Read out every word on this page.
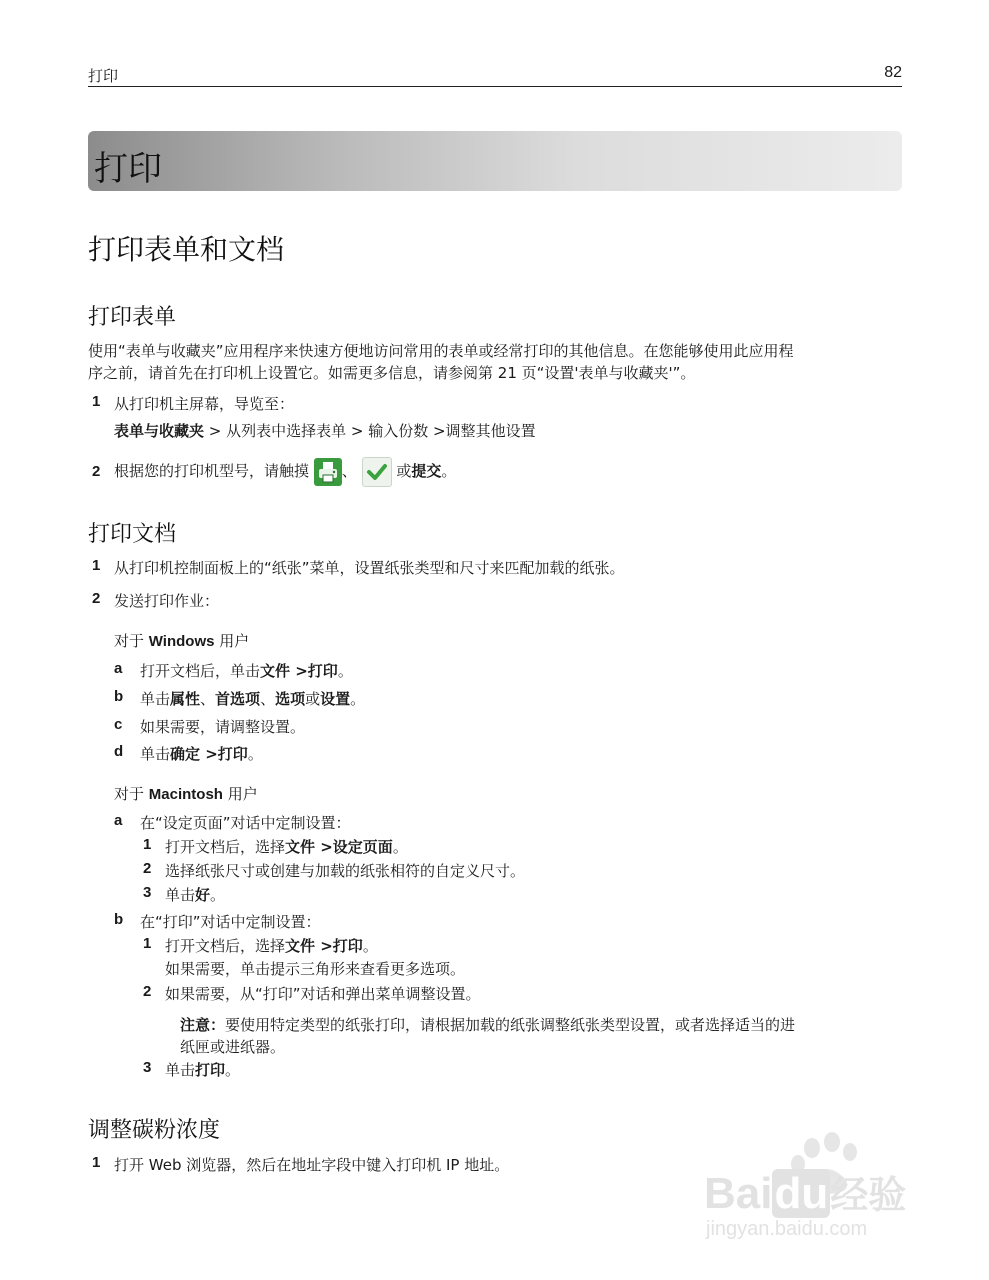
打印	82
打印
打印表单和文档
打印表单
使用“表单与收藏夹”应用程序来快速方便地访问常用的表单或经常打印的其他信息。在您能够使用此应用程
序之前，请首先在打印机上设置它。如需更多信息，请参阅第 21 页“设置'表单与收藏夹'”。
1 从打印机主屏幕，导览至：
表单与收藏夹 > 从列表中选择表单 > 输入份数 >调整其他设置
2 根据您的打印机型号，请触摸 、  或提交。
打印文档
1 从打印机控制面板上的“纸张”菜单，设置纸张类型和尺寸来匹配加载的纸张。
2 发送打印作业：
对于 Windows 用户
a 打开文档后，单击文件 >打印。
b 单击属性、首选项、选项或设置。
c 如果需要，请调整设置。
d 单击确定 >打印。
对于 Macintosh 用户
a 在“设定页面”对话中定制设置：
1 打开文档后，选择文件 >设定页面。
2 选择纸张尺寸或创建与加载的纸张相符的自定义尺寸。
3 单击好。
b 在“打印”对话中定制设置：
1 打开文档后，选择文件 >打印。
如果需要，单击提示三角形来查看更多选项。
2 如果需要，从“打印”对话和弹出菜单调整设置。
注意：要使用特定类型的纸张打印，请根据加载的纸张调整纸张类型设置，或者选择适当的进
纸匣或进纸器。
3 单击打印。
调整碳粉浓度
1 打开 Web 浏览器，然后在地址字段中键入打印机 IP 地址。
Baidu经验
jingyan.baidu.com
